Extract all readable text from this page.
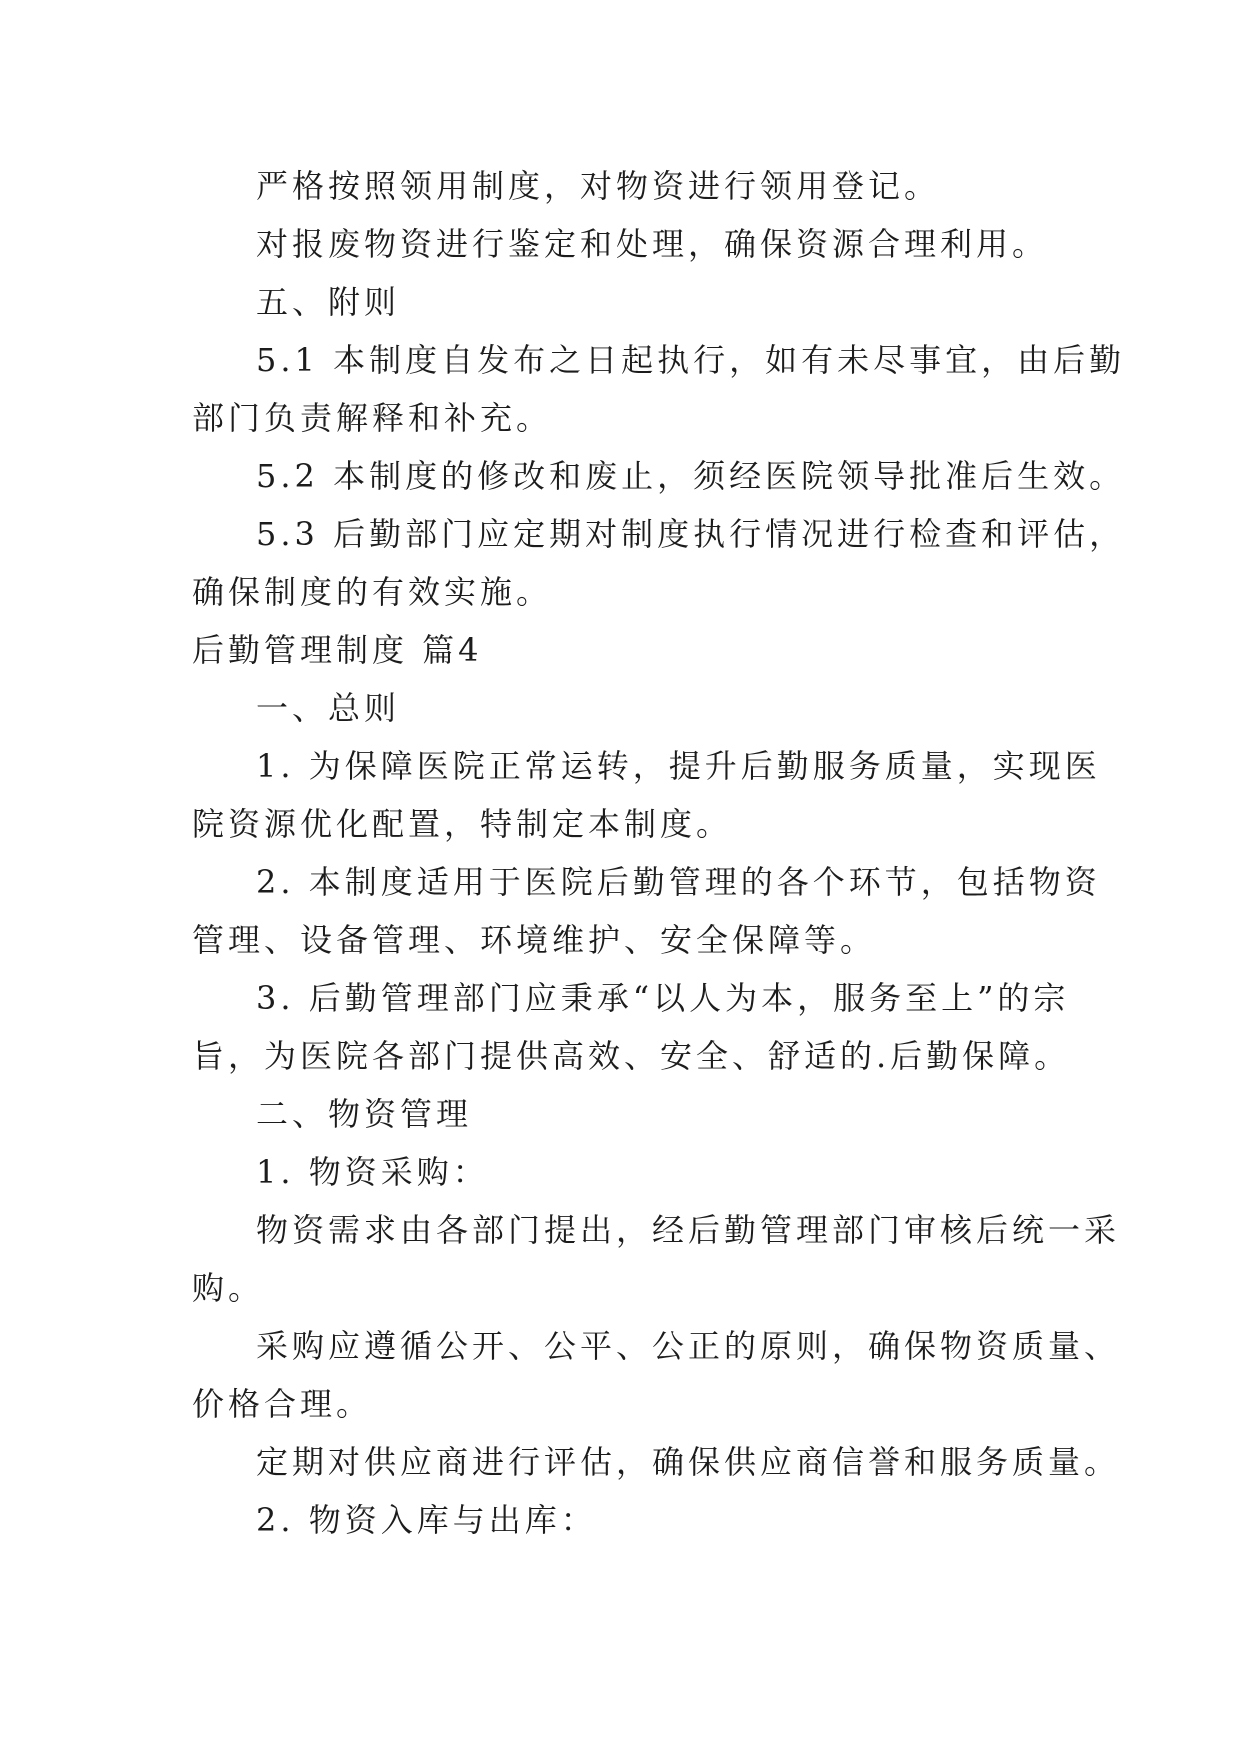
严格按照领用制度，对物资进行领用登记。
对报废物资进行鉴定和处理，确保资源合理利用。
五、附则
5.1 本制度自发布之日起执行，如有未尽事宜，由后勤
部门负责解释和补充。
5.2 本制度的修改和废止，须经医院领导批准后生效。
5.3 后勤部门应定期对制度执行情况进行检查和评估，
确保制度的有效实施。
后勤管理制度 篇4
一、总则
1. 为保障医院正常运转，提升后勤服务质量，实现医
院资源优化配置，特制定本制度。
2. 本制度适用于医院后勤管理的各个环节，包括物资
管理、设备管理、环境维护、安全保障等。
3. 后勤管理部门应秉承“以人为本，服务至上”的宗
旨，为医院各部门提供高效、安全、舒适的.后勤保障。
二、物资管理
1. 物资采购：
物资需求由各部门提出，经后勤管理部门审核后统一采
购。
采购应遵循公开、公平、公正的原则，确保物资质量、
价格合理。
定期对供应商进行评估，确保供应商信誉和服务质量。
2. 物资入库与出库：
